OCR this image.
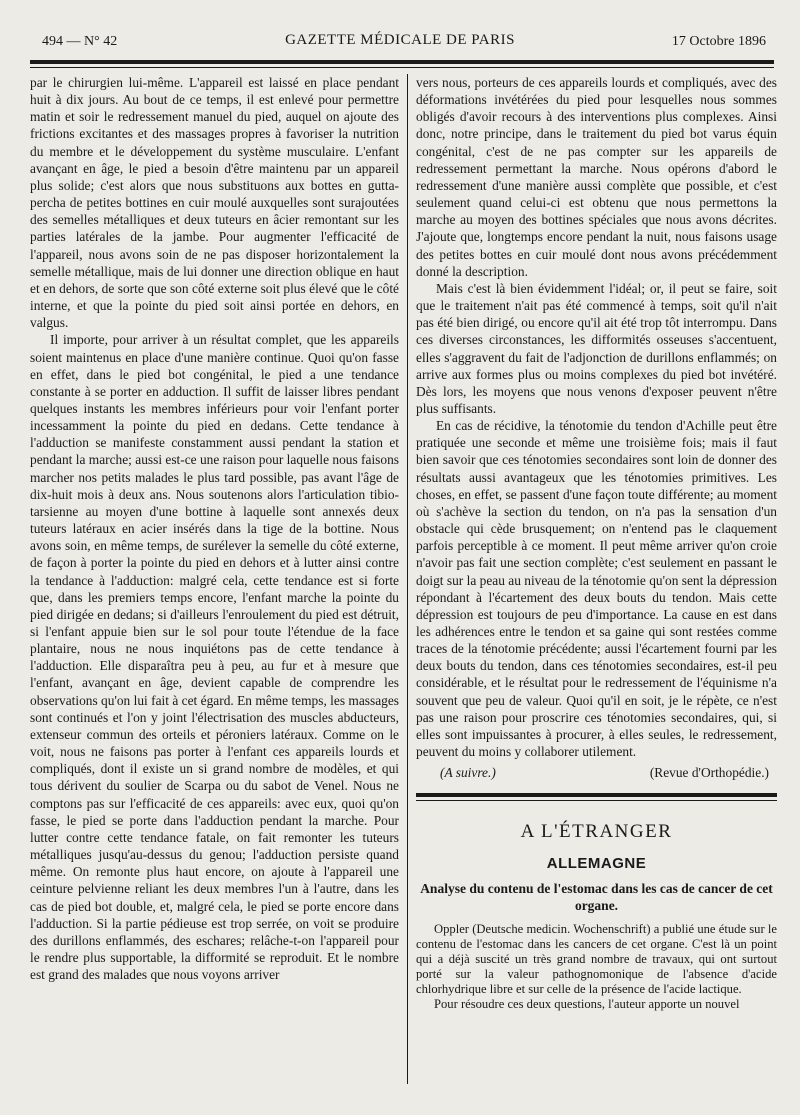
494 — N° 42	GAZETTE MÉDICALE DE PARIS	17 Octobre 1896

par le chirurgien lui-même. L'appareil est laissé en place pendant huit à dix jours. Au bout de ce temps, il est enlevé pour permettre matin et soir le redressement manuel du pied, auquel on ajoute des frictions excitantes et des massages propres à favoriser la nutrition du membre et le développement du système musculaire. L'enfant avançant en âge, le pied a besoin d'être maintenu par un appareil plus solide; c'est alors que nous substituons aux bottes en gutta-percha de petites bottines en cuir moulé auxquelles sont surajoutées des semelles métalliques et deux tuteurs en âcier remontant sur les parties latérales de la jambe. Pour augmenter l'efficacité de l'appareil, nous avons soin de ne pas disposer horizontalement la semelle métallique, mais de lui donner une direction oblique en haut et en dehors, de sorte que son côté externe soit plus élevé que le côté interne, et que la pointe du pied soit ainsi portée en dehors, en valgus.

Il importe, pour arriver à un résultat complet, que les appareils soient maintenus en place d'une manière continue. Quoi qu'on fasse en effet, dans le pied bot congénital, le pied a une tendance constante à se porter en adduction. Il suffit de laisser libres pendant quelques instants les membres inférieurs pour voir l'enfant porter incessamment la pointe du pied en dedans. Cette tendance à l'adduction se manifeste constamment aussi pendant la station et pendant la marche; aussi est-ce une raison pour laquelle nous faisons marcher nos petits malades le plus tard possible, pas avant l'âge de dix-huit mois à deux ans. Nous soutenons alors l'articulation tibio-tarsienne au moyen d'une bottine à laquelle sont annexés deux tuteurs latéraux en acier insérés dans la tige de la bottine. Nous avons soin, en même temps, de surélever la semelle du côté externe, de façon à porter la pointe du pied en dehors et à lutter ainsi contre la tendance à l'adduction: malgré cela, cette tendance est si forte que, dans les premiers temps encore, l'enfant marche la pointe du pied dirigée en dedans; si d'ailleurs l'enroulement du pied est détruit, si l'enfant appuie bien sur le sol pour toute l'étendue de la face plantaire, nous ne nous inquiétons pas de cette tendance à l'adduction. Elle disparaîtra peu à peu, au fur et à mesure que l'enfant, avançant en âge, devient capable de comprendre les observations qu'on lui fait à cet égard. En même temps, les massages sont continués et l'on y joint l'électrisation des muscles abducteurs, extenseur commun des orteils et péroniers latéraux. Comme on le voit, nous ne faisons pas porter à l'enfant ces appareils lourds et compliqués, dont il existe un si grand nombre de modèles, et qui tous dérivent du soulier de Scarpa ou du sabot de Venel. Nous ne comptons pas sur l'efficacité de ces appareils: avec eux, quoi qu'on fasse, le pied se porte dans l'adduction pendant la marche. Pour lutter contre cette tendance fatale, on fait remonter les tuteurs métalliques jusqu'au-dessus du genou; l'adduction persiste quand même. On remonte plus haut encore, on ajoute à l'appareil une ceinture pelvienne reliant les deux membres l'un à l'autre, dans les cas de pied bot double, et, malgré cela, le pied se porte encore dans l'adduction. Si la partie pédieuse est trop serrée, on voit se produire des durillons enflammés, des eschares; relâche-t-on l'appareil pour le rendre plus supportable, la difformité se reproduit. Et le nombre est grand des malades que nous voyons arriver

vers nous, porteurs de ces appareils lourds et compliqués, avec des déformations invétérées du pied pour lesquelles nous sommes obligés d'avoir recours à des interventions plus complexes. Ainsi donc, notre principe, dans le traitement du pied bot varus équin congénital, c'est de ne pas compter sur les appareils de redressement permettant la marche. Nous opérons d'abord le redressement d'une manière aussi complète que possible, et c'est seulement quand celui-ci est obtenu que nous permettons la marche au moyen des bottines spéciales que nous avons décrites. J'ajoute que, longtemps encore pendant la nuit, nous faisons usage des petites bottes en cuir moulé dont nous avons précédemment donné la description.

Mais c'est là bien évidemment l'idéal; or, il peut se faire, soit que le traitement n'ait pas été commencé à temps, soit qu'il n'ait pas été bien dirigé, ou encore qu'il ait été trop tôt interrompu. Dans ces diverses circonstances, les difformités osseuses s'accentuent, elles s'aggravent du fait de l'adjonction de durillons enflammés; on arrive aux formes plus ou moins complexes du pied bot invétéré. Dès lors, les moyens que nous venons d'exposer peuvent n'être plus suffisants.

En cas de récidive, la ténotomie du tendon d'Achille peut être pratiquée une seconde et même une troisième fois; mais il faut bien savoir que ces ténotomies secondaires sont loin de donner des résultats aussi avantageux que les ténotomies primitives. Les choses, en effet, se passent d'une façon toute différente; au moment où s'achève la section du tendon, on n'a pas la sensation d'un obstacle qui cède brusquement; on n'entend pas le claquement parfois perceptible à ce moment. Il peut même arriver qu'on croie n'avoir pas fait une section complète; c'est seulement en passant le doigt sur la peau au niveau de la ténotomie qu'on sent la dépression répondant à l'écartement des deux bouts du tendon. Mais cette dépression est toujours de peu d'importance. La cause en est dans les adhérences entre le tendon et sa gaine qui sont restées comme traces de la ténotomie précédente; aussi l'écartement fourni par les deux bouts du tendon, dans ces ténotomies secondaires, est-il peu considérable, et le résultat pour le redressement de l'équinisme n'a souvent que peu de valeur. Quoi qu'il en soit, je le répète, ce n'est pas une raison pour proscrire ces ténotomies secondaires, qui, si elles sont impuissantes à procurer, à elles seules, le redressement, peuvent du moins y collaborer utilement.

(A suivre.)	(Revue d'Orthopédie.)
A L'ÉTRANGER
ALLEMAGNE
Analyse du contenu de l'estomac dans les cas de cancer de cet organe.

Oppler (Deutsche medicin. Wochenschrift) a publié une étude sur le contenu de l'estomac dans les cancers de cet organe. C'est là un point qui a déjà suscité un très grand nombre de travaux, qui ont surtout porté sur la valeur pathognomonique de l'absence d'acide chlorhydrique libre et sur celle de la présence de l'acide lactique.

Pour résoudre ces deux questions, l'auteur apporte un nouvel
